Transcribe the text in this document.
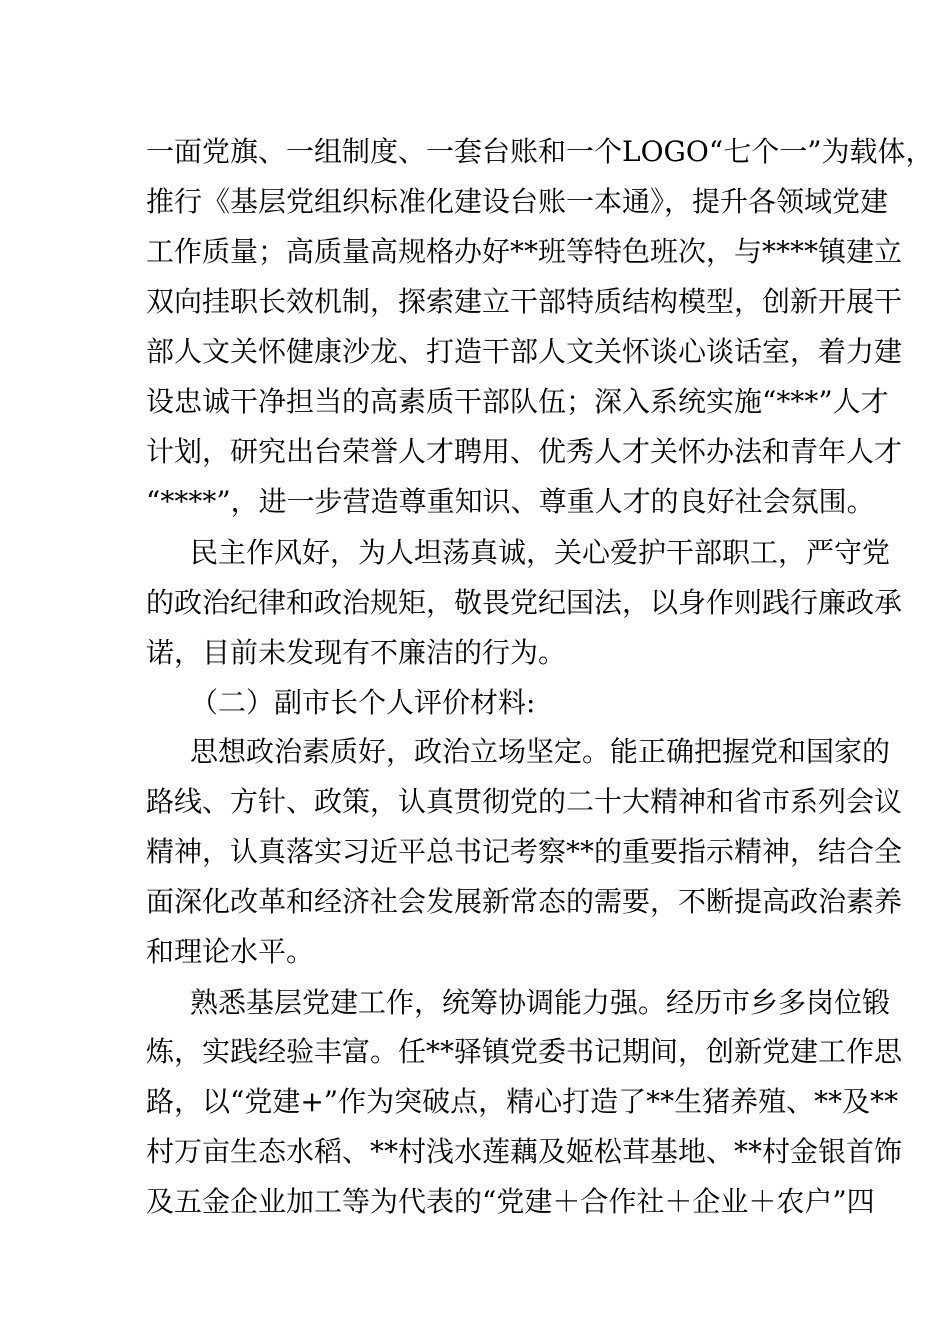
一面党旗、一组制度、一套台账和一个LOGO“七个一”为载体，
推行《基层党组织标准化建设台账一本通》，提升各领域党建
工作质量；高质量高规格办好**班等特色班次，与****镇建立
双向挂职长效机制，探索建立干部特质结构模型，创新开展干
部人文关怀健康沙龙、打造干部人文关怀谈心谈话室，着力建
设忠诚干净担当的高素质干部队伍；深入系统实施“***”人才
计划，研究出台荣誉人才聘用、优秀人才关怀办法和青年人才
“****”，进一步营造尊重知识、尊重人才的良好社会氛围。
民主作风好，为人坦荡真诚，关心爱护干部职工，严守党
的政治纪律和政治规矩，敬畏党纪国法，以身作则践行廉政承
诺，目前未发现有不廉洁的行为。
（二）副市长个人评价材料:
思想政治素质好，政治立场坚定。能正确把握党和国家的
路线、方针、政策，认真贯彻党的二十大精神和省市系列会议
精神，认真落实习近平总书记考察**的重要指示精神，结合全
面深化改革和经济社会发展新常态的需要，不断提高政治素养
和理论水平。
熟悉基层党建工作，统筹协调能力强。经历市乡多岗位锻
炼，实践经验丰富。任**驿镇党委书记期间，创新党建工作思
路，以“党建+”作为突破点，精心打造了**生猪养殖、**及**
村万亩生态水稻、**村浅水莲藕及姬松茸基地、**村金银首饰
及五金企业加工等为代表的“党建＋合作社＋企业＋农户”四
